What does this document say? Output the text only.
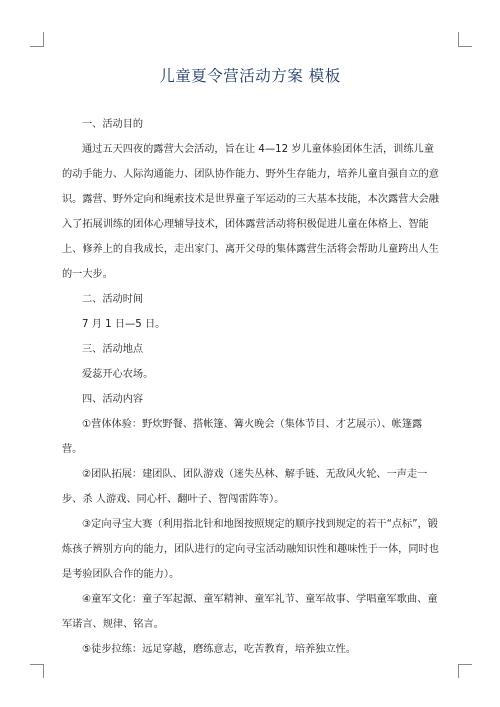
儿童夏令营活动方案 模板

一、活动目的

通过五天四夜的露营大会活动，旨在让 4—12 岁儿童体验团体生活，训练儿童的动手能力、人际沟通能力、团队协作能力、野外生存能力，培养儿童自强自立的意识。露营、野外定向和绳索技术是世界童子军运动的三大基本技能，本次露营大会融入了拓展训练的团体心理辅导技术，团体露营活动将积极促进儿童在体格上、智能上、修养上的自我成长，走出家门、离开父母的集体露营生活将会帮助儿童跨出人生的一大步。

二、活动时间

7 月 1 日—5 日。

三、活动地点

爱蕊开心农场。

四、活动内容

①营体体验：野炊野餐、搭帐篷、篝火晚会（集体节目、才艺展示）、帐篷露营。

②团队拓展：建团队、团队游戏（迷失丛林、解手链、无敌风火轮、一声走一步、杀 人游戏、同心杆、翻叶子、智闯雷阵等）。

③定向寻宝大赛（利用指北针和地图按照规定的顺序找到规定的若干“点标”，锻炼孩子辨别方向的能力，团队进行的定向寻宝活动融知识性和趣味性于一体，同时也是考验团队合作的能力）。

④童军文化：童子军起源、童军精神、童军礼节、童军故事、学唱童军歌曲、童军诺言、规律、铭言。

⑤徒步拉练：远足穿越，磨练意志，吃苦教育，培养独立性。
